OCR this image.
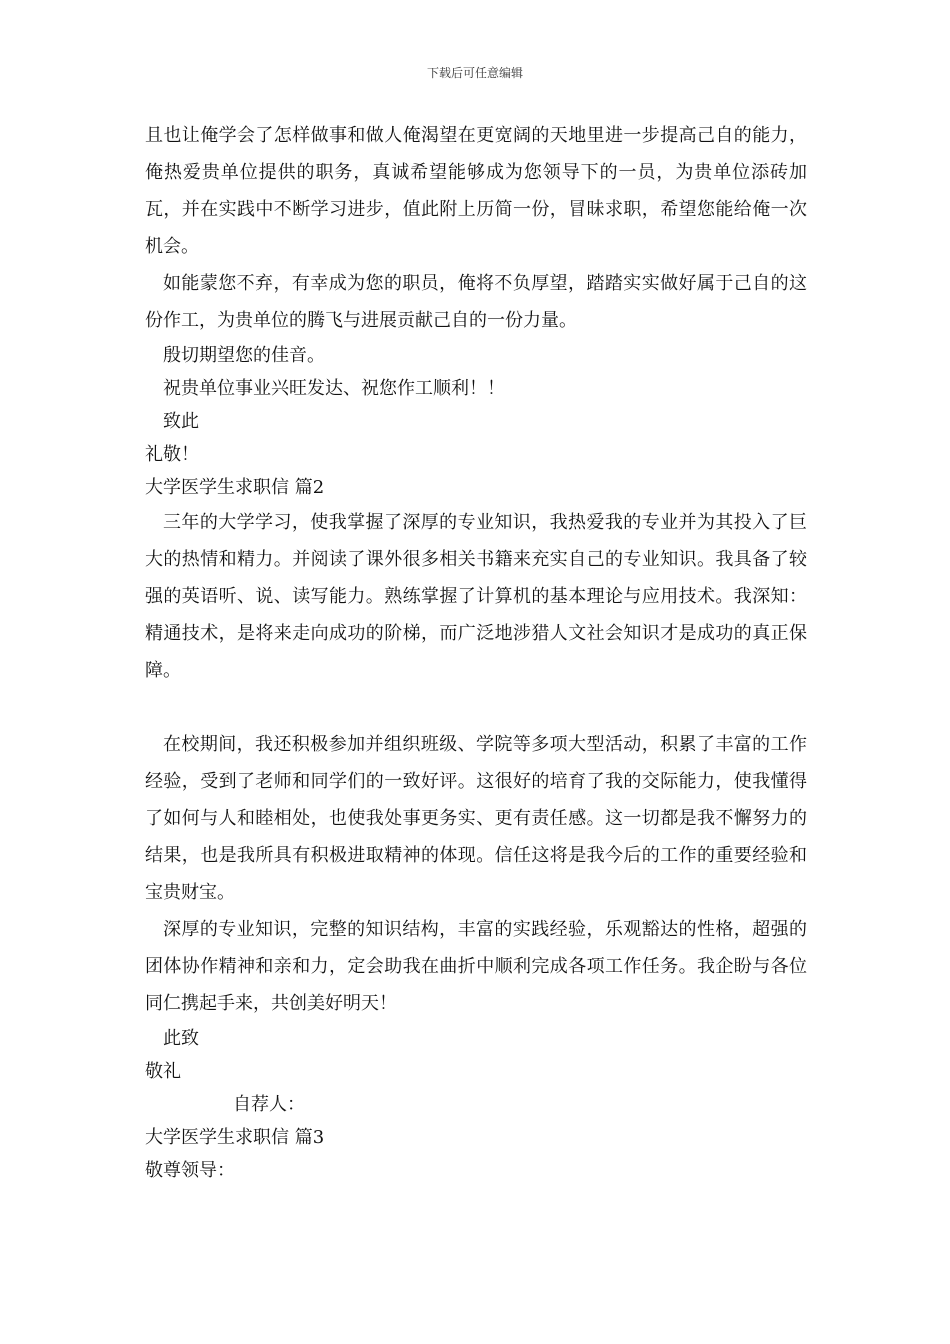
下载后可任意编辑

且也让俺学会了怎样做事和做人俺渴望在更宽阔的天地里进一步提高己自的能力，俺热爱贵单位提供的职务，真诚希望能够成为您领导下的一员，为贵单位添砖加瓦，并在实践中不断学习进步，值此附上历简一份，冒昧求职，希望您能给俺一次机会。

如能蒙您不弃，有幸成为您的职员，俺将不负厚望，踏踏实实做好属于己自的这份作工，为贵单位的腾飞与进展贡献己自的一份力量。

殷切期望您的佳音。

祝贵单位事业兴旺发达、祝您作工顺利！！

致此

礼敬！

大学医学生求职信 篇2

三年的大学学习，使我掌握了深厚的专业知识，我热爱我的专业并为其投入了巨大的热情和精力。并阅读了课外很多相关书籍来充实自己的专业知识。我具备了较强的英语听、说、读写能力。熟练掌握了计算机的基本理论与应用技术。我深知：精通技术，是将来走向成功的阶梯，而广泛地涉猎人文社会知识才是成功的真正保障。

在校期间，我还积极参加并组织班级、学院等多项大型活动，积累了丰富的工作经验，受到了老师和同学们的一致好评。这很好的培育了我的交际能力，使我懂得了如何与人和睦相处，也使我处事更务实、更有责任感。这一切都是我不懈努力的结果，也是我所具有积极进取精神的体现。信任这将是我今后的工作的重要经验和宝贵财宝。

深厚的专业知识，完整的知识结构，丰富的实践经验，乐观豁达的性格，超强的团体协作精神和亲和力，定会助我在曲折中顺利完成各项工作任务。我企盼与各位同仁携起手来，共创美好明天！

此致

敬礼

自荐人：

大学医学生求职信 篇3

敬尊领导：
